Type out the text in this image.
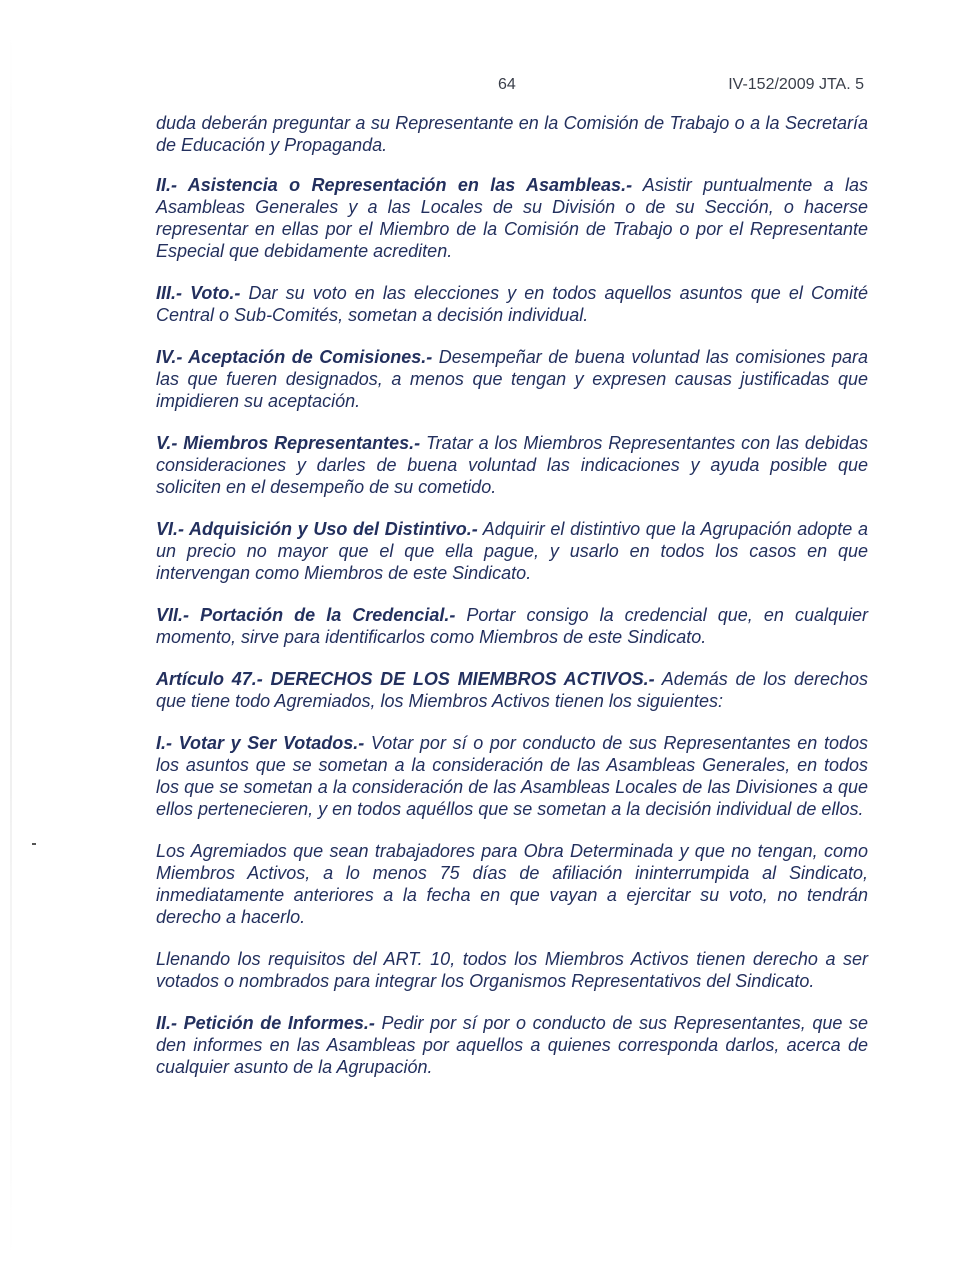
64	IV-152/2009 JTA. 5

duda deberán preguntar a su Representante en la Comisión de Trabajo o a la Secretaría de Educación y Propaganda.

II.- Asistencia o Representación en las Asambleas.- Asistir puntualmente a las Asambleas Generales y a las Locales de su División o de su Sección, o hacerse representar en ellas por el Miembro de la Comisión de Trabajo o por el Representante Especial que debidamente acrediten.

III.- Voto.- Dar su voto en las elecciones y en todos aquellos asuntos que el Comité Central o Sub-Comités, sometan a decisión individual.

IV.- Aceptación de Comisiones.- Desempeñar de buena voluntad las comisiones para las que fueren designados, a menos que tengan y expresen causas justificadas que impidieren su aceptación.

V.- Miembros Representantes.- Tratar a los Miembros Representantes con las debidas consideraciones y darles de buena voluntad las indicaciones y ayuda posible que soliciten en el desempeño de su cometido.

VI.- Adquisición y Uso del Distintivo.- Adquirir el distintivo que la Agrupación adopte a un precio no mayor que el que ella pague, y usarlo en todos los casos en que intervengan como Miembros de este Sindicato.

VII.- Portación de la Credencial.- Portar consigo la credencial que, en cualquier momento, sirve para identificarlos como Miembros de este Sindicato.

Artículo 47.- DERECHOS DE LOS MIEMBROS ACTIVOS.- Además de los derechos que tiene todo Agremiados, los Miembros Activos tienen los siguientes:

I.- Votar y Ser Votados.- Votar por sí o por conducto de sus Representantes en todos los asuntos que se sometan a la consideración de las Asambleas Generales, en todos los que se sometan a la consideración de las Asambleas Locales de las Divisiones a que ellos pertenecieren, y en todos aquéllos que se sometan a la decisión individual de ellos.

Los Agremiados que sean trabajadores para Obra Determinada y que no tengan, como Miembros Activos, a lo menos 75 días de afiliación ininterrumpida al Sindicato, inmediatamente anteriores a la fecha en que vayan a ejercitar su voto, no tendrán derecho a hacerlo.

Llenando los requisitos del ART. 10, todos los Miembros Activos tienen derecho a ser votados o nombrados para integrar los Organismos Representativos del Sindicato.

II.- Petición de Informes.- Pedir por sí por o conducto de sus Representantes, que se den informes en las Asambleas por aquellos a quienes corresponda darlos, acerca de cualquier asunto de la Agrupación.
